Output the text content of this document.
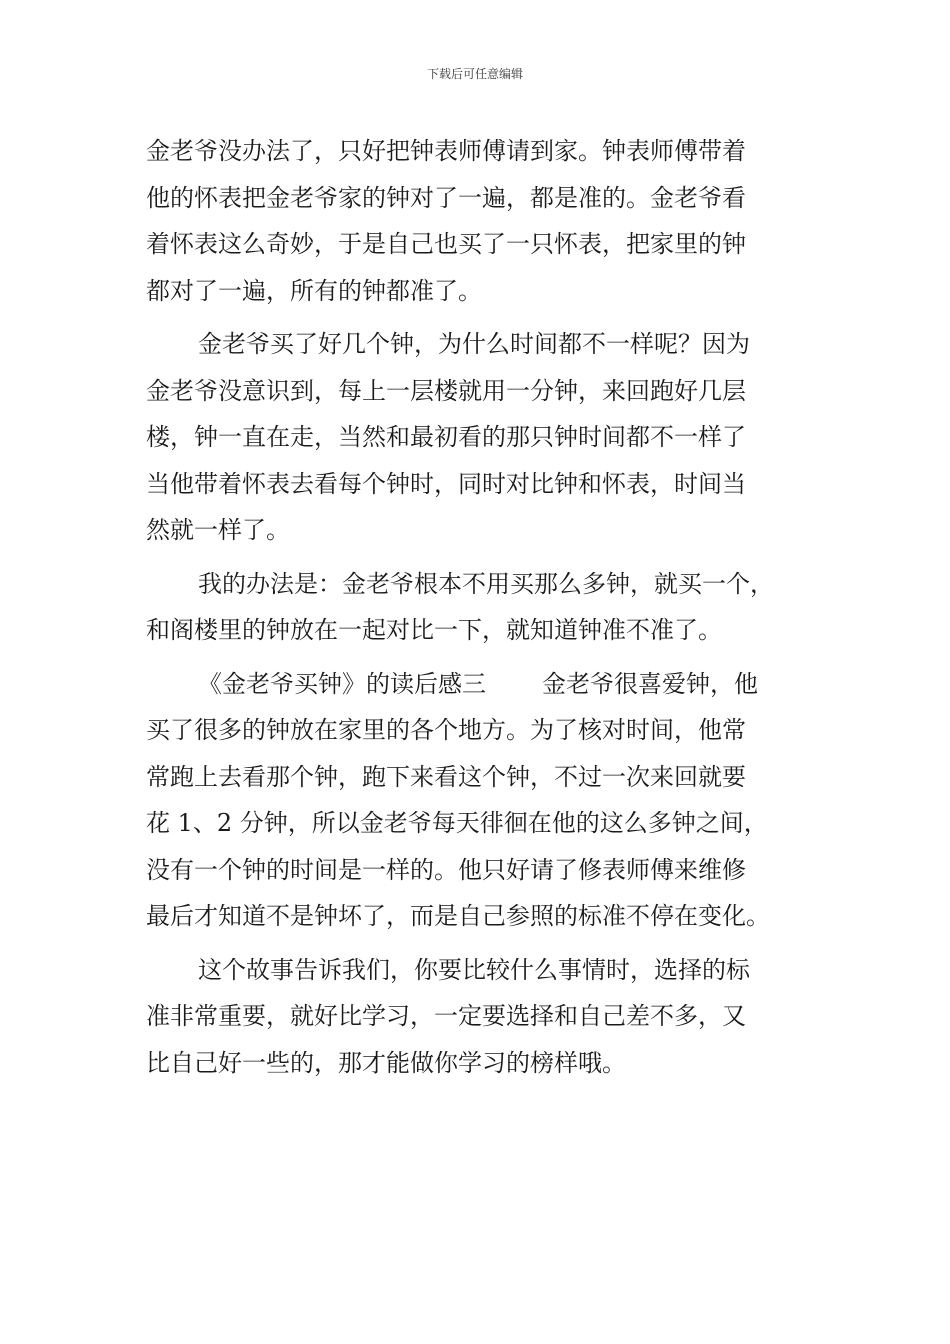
下载后可任意编辑

金老爷没办法了，只好把钟表师傅请到家。钟表师傅带着
他的怀表把金老爷家的钟对了一遍，都是准的。金老爷看
着怀表这么奇妙，于是自己也买了一只怀表，把家里的钟
都对了一遍，所有的钟都准了。

金老爷买了好几个钟，为什么时间都不一样呢？因为
金老爷没意识到，每上一层楼就用一分钟，来回跑好几层
楼，钟一直在走，当然和最初看的那只钟时间都不一样了
当他带着怀表去看每个钟时，同时对比钟和怀表，时间当
然就一样了。

我的办法是：金老爷根本不用买那么多钟，就买一个，
和阁楼里的钟放在一起对比一下，就知道钟准不准了。

《金老爷买钟》的读后感三 金老爷很喜爱钟，他
买了很多的钟放在家里的各个地方。为了核对时间，他常
常跑上去看那个钟，跑下来看这个钟，不过一次来回就要
花 1、2 分钟，所以金老爷每天徘徊在他的这么多钟之间，
没有一个钟的时间是一样的。他只好请了修表师傅来维修
最后才知道不是钟坏了，而是自己参照的标准不停在变化。

这个故事告诉我们，你要比较什么事情时，选择的标
准非常重要，就好比学习，一定要选择和自己差不多，又
比自己好一些的，那才能做你学习的榜样哦。
